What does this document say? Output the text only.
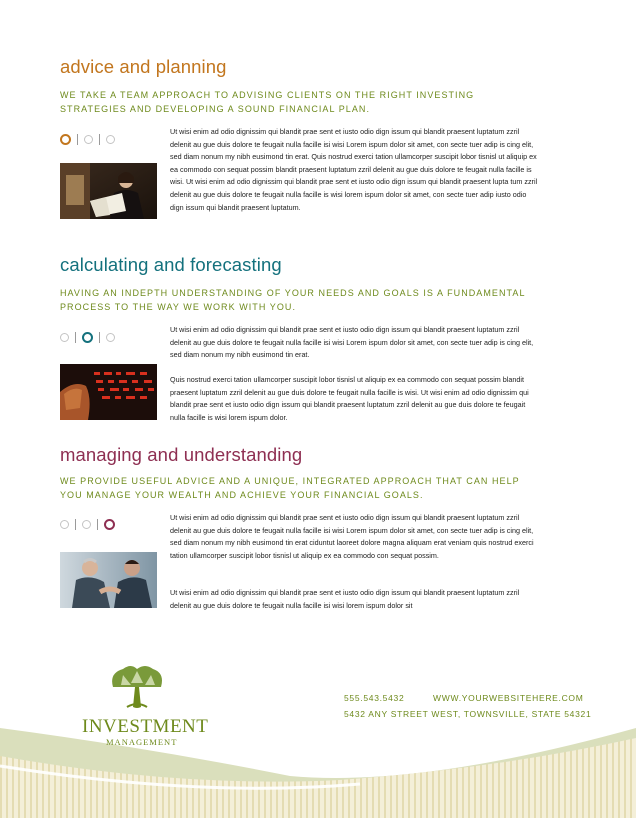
advice and planning

WE TAKE A TEAM APPROACH TO ADVISING CLIENTS ON THE RIGHT INVESTING STRATEGIES AND DEVELOPING A SOUND FINANCIAL PLAN.

Ut wisi enim ad odio dignissim qui blandit prae sent et iusto odio dign issum qui blandit praesent luptatum zzril delenit au gue duis dolore te feugait nulla facille isi wisi Lorem ispum dolor sit amet, con secte tuer adip is cing elit, sed diam nonum my nibh eusimond tin erat. Quis nostrud exerci tation ullamcorper suscipit lobor tisnisl ut aliquip ex ea commodo con sequat possim blandit praesent luptatum zzril delenit au gue duis dolore te feugait nulla facille is wisi. Ut wisi enim ad odio dignissim qui blandit prae sent et iusto odio dign issum qui blandit praesent lupta tum zzril delenit au gue duis dolore te feugait nulla facille is wisi lorem ispum dolor sit amet, con secte tuer adip iusto odio dign issum qui blandit praesent luptatum.

calculating and forecasting

HAVING AN INDEPTH UNDERSTANDING OF YOUR NEEDS AND GOALS IS A FUNDAMENTAL PROCESS TO THE WAY WE WORK WITH YOU.

Ut wisi enim ad odio dignissim qui blandit prae sent et iusto odio dign issum qui blandit praesent luptatum zzril delenit au gue duis dolore te feugait nulla facille isi wisi Lorem ispum dolor sit amet, con secte tuer adip is cing elit, sed diam nonum my nibh eusimond tin erat.

Quis nostrud exerci tation ullamcorper suscipit lobor tisnisl ut aliquip ex ea commodo con sequat possim blandit praesent luptatum zzril delenit au gue duis dolore te feugait nulla facille is wisi. Ut wisi enim ad odio dignissim qui blandit prae sent et iusto odio dign issum qui blandit praesent luptatum zzril delenit au gue duis dolore te feugait nulla facille is wisi lorem ispum dolor.

managing and understanding

WE PROVIDE USEFUL ADVICE AND A UNIQUE, INTEGRATED APPROACH THAT CAN HELP YOU MANAGE YOUR WEALTH AND ACHIEVE YOUR FINANCIAL GOALS.

Ut wisi enim ad odio dignissim qui blandit prae sent et iusto odio dign issum qui blandit praesent luptatum zzril delenit au gue duis dolore te feugait nulla facille isi wisi Lorem ispum dolor sit amet, con secte tuer adip is cing elit, sed diam nonum my nibh eusimond tin erat ciduntut laoreet dolore magna aliquam erat veniam quis nostrud exerci tation ullamcorper suscipit lobor tisnisl ut aliquip ex ea commodo con sequat possim.

Ut wisi enim ad odio dignissim qui blandit prae sent et iusto odio dign issum qui blandit praesent luptatum zzril delenit au gue duis dolore te feugait nulla facille isi wisi lorem ispum dolor sit

INVESTMENT
MANAGEMENT
555.543.5432	WWW.YOURWEBSITEHERE.COM
5432 ANY STREET WEST, TOWNSVILLE, STATE 54321
